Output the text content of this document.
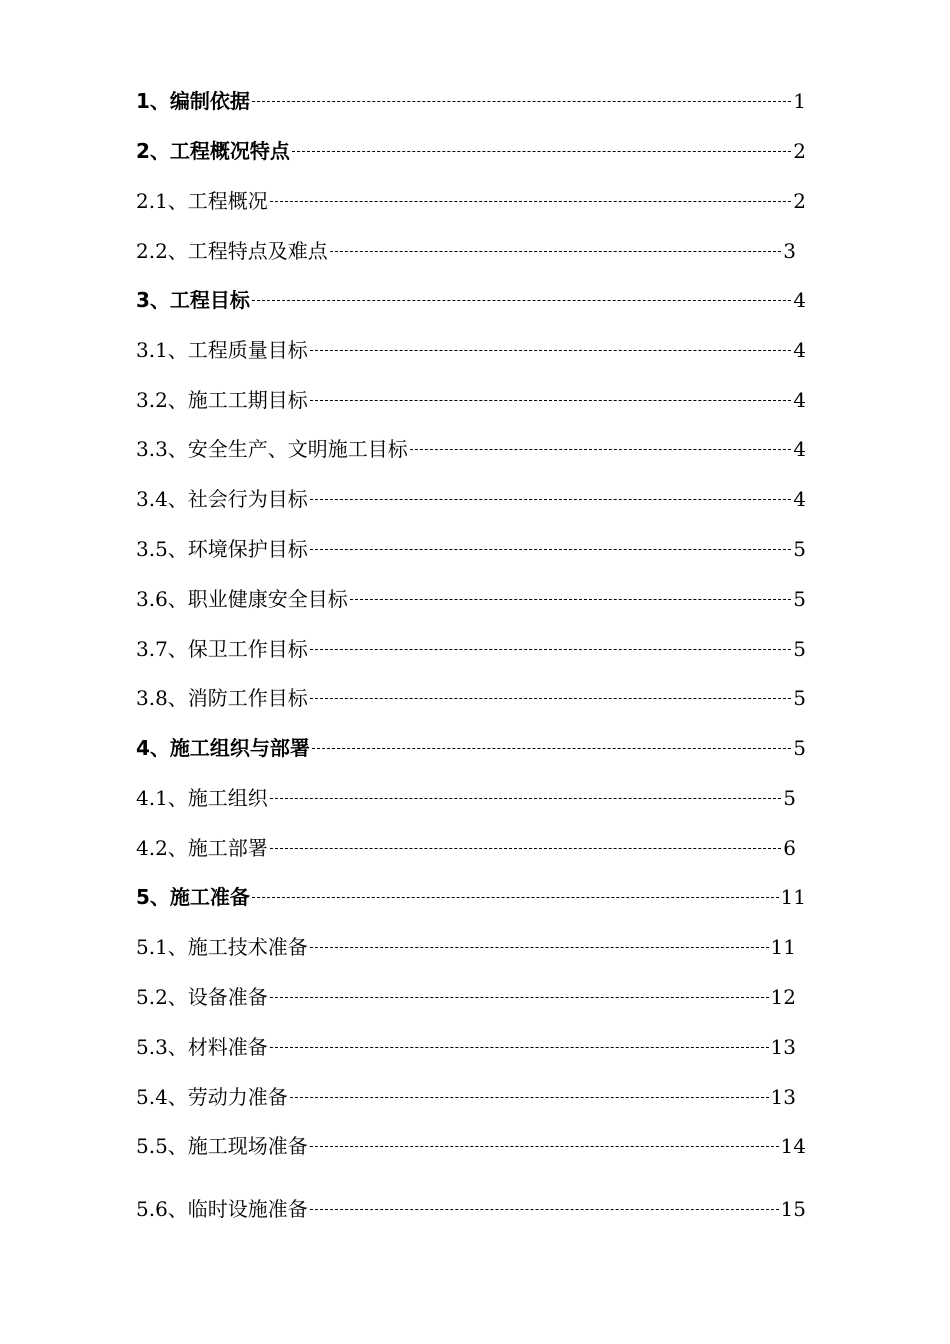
1、编制依据	1
2、工程概况特点	2
2.1、工程概况	2
2.2、工程特点及难点	3
3、工程目标	4
3.1、工程质量目标	4
3.2、施工工期目标	4
3.3、安全生产、文明施工目标	4
3.4、社会行为目标	4
3.5、环境保护目标	5
3.6、职业健康安全目标	5
3.7、保卫工作目标	5
3.8、消防工作目标	5
4、施工组织与部署	5
4.1、施工组织	5
4.2、施工部署	6
5、施工准备	11
5.1、施工技术准备	11
5.2、设备准备	12
5.3、材料准备	13
5.4、劳动力准备	13
5.5、施工现场准备	14
5.6、临时设施准备	15
